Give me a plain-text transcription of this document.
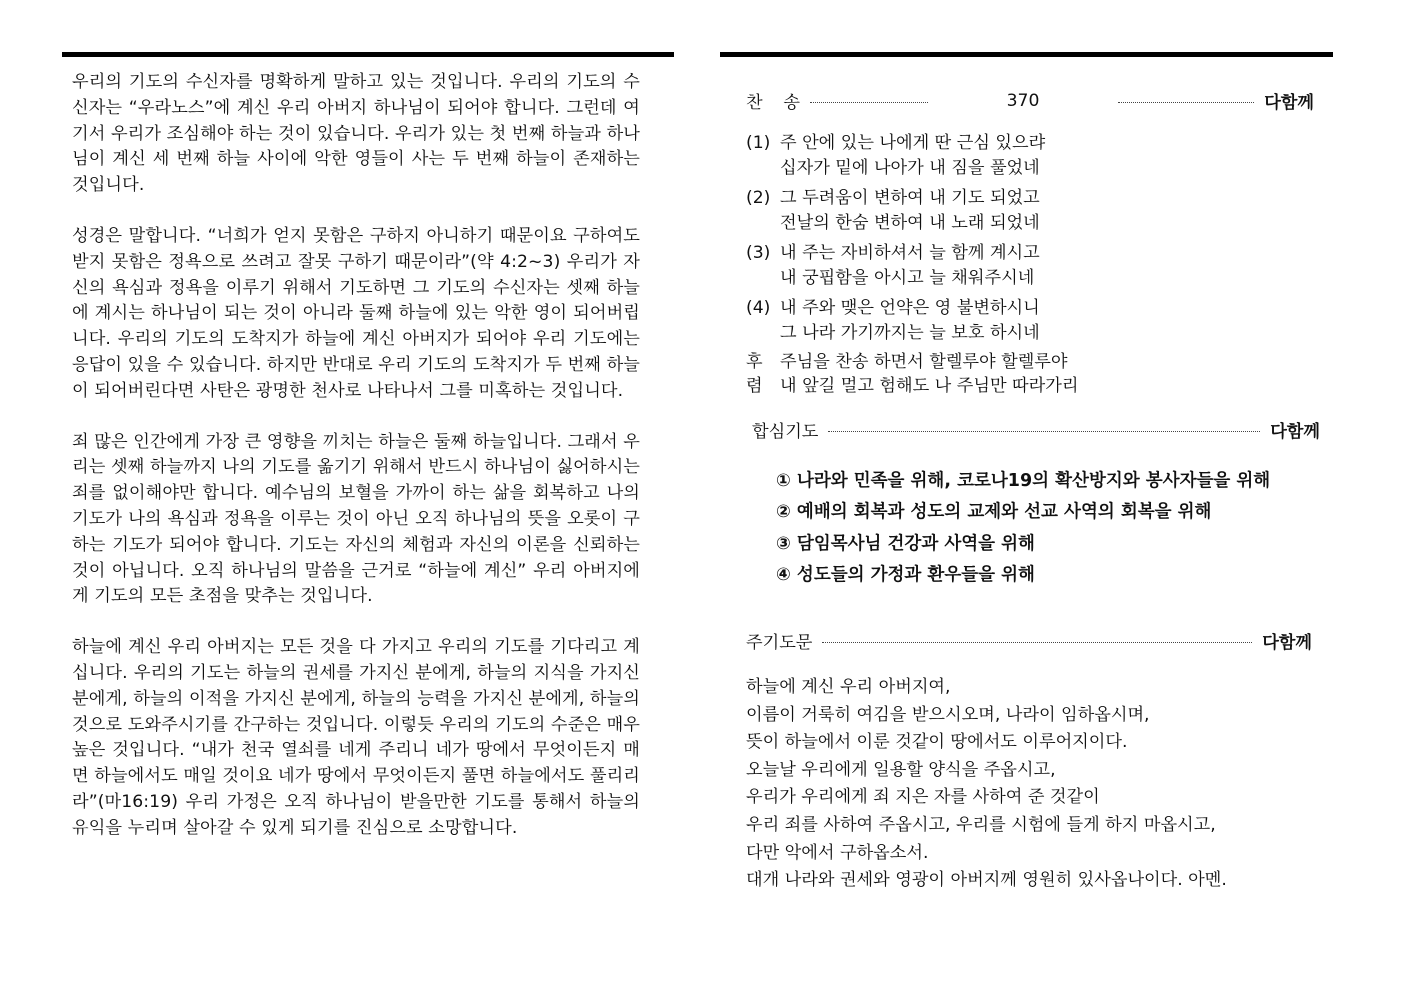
우리의 기도의 수신자를 명확하게 말하고 있는 것입니다. 우리의 기도의 수신자는 “우라노스”에 계신 우리 아버지 하나님이 되어야 합니다. 그런데 여기서 우리가 조심해야 하는 것이 있습니다. 우리가 있는 첫 번째 하늘과 하나님이 계신 세 번째 하늘 사이에 악한 영들이 사는 두 번째 하늘이 존재하는 것입니다.

성경은 말합니다. “너희가 얻지 못함은 구하지 아니하기 때문이요 구하여도 받지 못함은 정욕으로 쓰려고 잘못 구하기 때문이라”(약 4:2~3) 우리가 자신의 욕심과 정욕을 이루기 위해서 기도하면 그 기도의 수신자는 셋째 하늘에 계시는 하나님이 되는 것이 아니라 둘째 하늘에 있는 악한 영이 되어버립니다. 우리의 기도의 도착지가 하늘에 계신 아버지가 되어야 우리 기도에는 응답이 있을 수 있습니다. 하지만 반대로 우리 기도의 도착지가 두 번째 하늘이 되어버린다면 사탄은 광명한 천사로 나타나서 그를 미혹하는 것입니다.

죄 많은 인간에게 가장 큰 영향을 끼치는 하늘은 둘째 하늘입니다. 그래서 우리는 셋째 하늘까지 나의 기도를 옮기기 위해서 반드시 하나님이 싫어하시는 죄를 없이해야만 합니다. 예수님의 보혈을 가까이 하는 삶을 회복하고 나의 기도가 나의 욕심과 정욕을 이루는 것이 아닌 오직 하나님의 뜻을 오롯이 구하는 기도가 되어야 합니다. 기도는 자신의 체험과 자신의 이론을 신뢰하는 것이 아닙니다. 오직 하나님의 말씀을 근거로 “하늘에 계신” 우리 아버지에게 기도의 모든 초점을 맞추는 것입니다.

하늘에 계신 우리 아버지는 모든 것을 다 가지고 우리의 기도를 기다리고 계십니다. 우리의 기도는 하늘의 권세를 가지신 분에게, 하늘의 지식을 가지신 분에게, 하늘의 이적을 가지신 분에게, 하늘의 능력을 가지신 분에게, 하늘의 것으로 도와주시기를 간구하는 것입니다. 이렇듯 우리의 기도의 수준은 매우 높은 것입니다. “내가 천국 열쇠를 네게 주리니 네가 땅에서 무엇이든지 매면 하늘에서도 매일 것이요 네가 땅에서 무엇이든지 풀면 하늘에서도 풀리리라”(마16:19) 우리 가정은 오직 하나님이 받을만한 기도를 통해서 하늘의 유익을 누리며 살아갈 수 있게 되기를 진심으로 소망합니다.

찬	송	370	다함께
(1) 주 안에 있는 나에게 딴 근심 있으랴
십자가 밑에 나아가 내 짐을 풀었네
(2) 그 두려움이 변하여 내 기도 되었고
전날의 한숨 변하여 내 노래 되었네
(3) 내 주는 자비하셔서 늘 함께 계시고
내 궁핍함을 아시고 늘 채워주시네
(4) 내 주와 맺은 언약은 영 불변하시니
그 나라 가기까지는 늘 보호 하시네
후	주님을 찬송 하면서 할렐루야 할렐루야
렴	내 앞길 멀고 험해도 나 주님만 따라가리
합심기도	다함께
① 나라와 민족을 위해, 코로나19의 확산방지와 봉사자들을 위해
② 예배의 회복과 성도의 교제와 선교 사역의 회복을 위해
③ 담임목사님 건강과 사역을 위해
④ 성도들의 가정과 환우들을 위해
주기도문	다함께
하늘에 계신 우리 아버지여,
이름이 거룩히 여김을 받으시오며, 나라이 임하옵시며,
뜻이 하늘에서 이룬 것같이 땅에서도 이루어지이다.
오늘날 우리에게 일용할 양식을 주옵시고,
우리가 우리에게 죄 지은 자를 사하여 준 것같이
우리 죄를 사하여 주옵시고, 우리를 시험에 들게 하지 마옵시고,
다만 악에서 구하옵소서.
대개 나라와 권세와 영광이 아버지께 영원히 있사옵나이다. 아멘.
